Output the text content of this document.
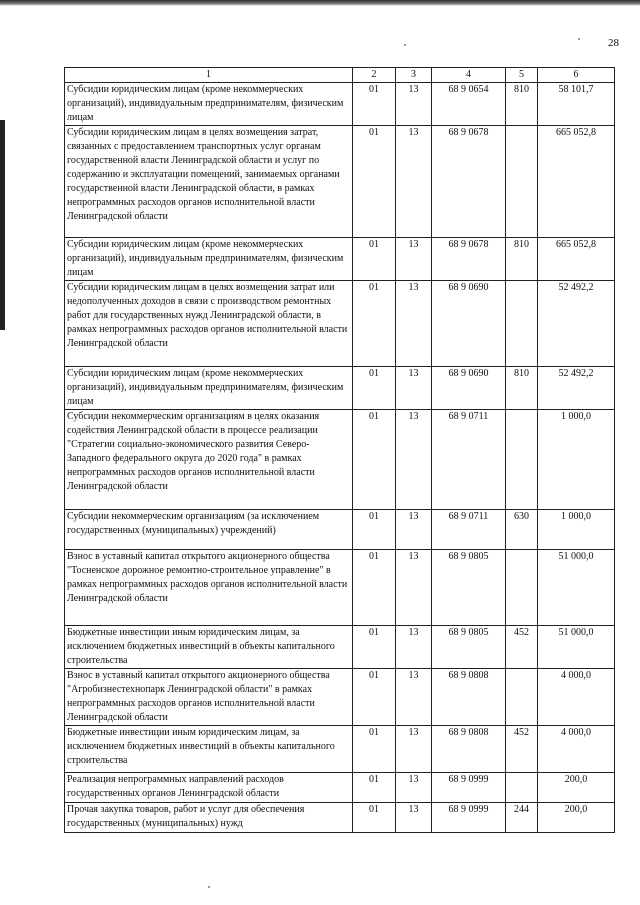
28
1	2	3	4	5	6
Субсидии юридическим лицам (кроме некоммерческих организаций), индивидуальным предпринимателям, физическим лицам	01	13	68 9 0654	810	58 101,7
Субсидии юридическим лицам в целях возмещения затрат, связанных с предоставлением транспортных услуг органам государственной власти Ленинградской области и услуг по содержанию и эксплуатации помещений, занимаемых органами государственной власти Ленинградской области, в рамках непрограммных расходов органов исполнительной власти Ленинградской области	01	13	68 9 0678		665 052,8
Субсидии юридическим лицам (кроме некоммерческих организаций), индивидуальным предпринимателям, физическим лицам	01	13	68 9 0678	810	665 052,8
Субсидии юридическим лицам в целях возмещения затрат или недополученных доходов в связи с производством ремонтных работ для государственных нужд Ленинградской области, в рамках непрограммных расходов органов исполнительной власти Ленинградской области	01	13	68 9 0690		52 492,2
Субсидии юридическим лицам (кроме некоммерческих организаций), индивидуальным предпринимателям, физическим лицам	01	13	68 9 0690	810	52 492,2
Субсидии некоммерческим организациям в целях оказания содействия Ленинградской области в процессе реализации "Стратегии социально-экономического развития Северо-Западного федерального округа до 2020 года" в рамках непрограммных расходов органов исполнительной власти Ленинградской области	01	13	68 9 0711		1 000,0
Субсидии некоммерческим организациям (за исключением государственных (муниципальных) учреждений)	01	13	68 9 0711	630	1 000,0
Взнос в уставный капитал открытого акционерного общества "Тосненское дорожное ремонтно-строительное управление" в рамках непрограммных расходов органов исполнительной власти Ленинградской области	01	13	68 9 0805		51 000,0
Бюджетные инвестиции иным юридическим лицам, за исключением бюджетных инвестиций в объекты капитального строительства	01	13	68 9 0805	452	51 000,0
Взнос в уставный капитал открытого акционерного общества "Агробизнестехнопарк Ленинградской области" в рамках непрограммных расходов органов исполнительной власти Ленинградской области	01	13	68 9 0808		4 000,0
Бюджетные инвестиции иным юридическим лицам, за исключением бюджетных инвестиций в объекты капитального строительства	01	13	68 9 0808	452	4 000,0
Реализация непрограммных направлений расходов государственных органов Ленинградской области	01	13	68 9 0999		200,0
Прочая закупка товаров, работ и услуг для обеспечения государственных (муниципальных) нужд	01	13	68 9 0999	244	200,0
